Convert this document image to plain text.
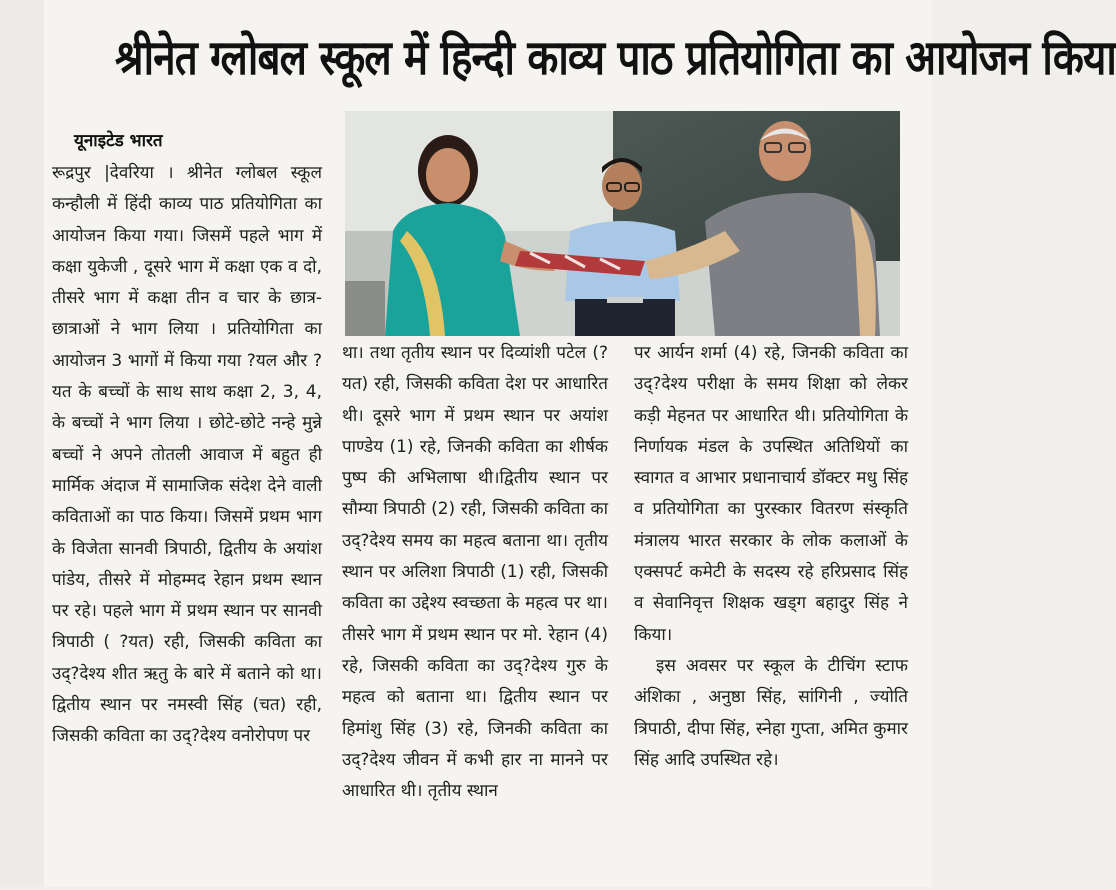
श्रीनेत ग्लोबल स्कूल में हिन्दी काव्य पाठ प्रतियोगिता का आयोजन किया
यूनाइटेड भारत

रूद्रपुर |देवरिया । श्रीनेत ग्लोबल स्कूल कन्हौली में हिंदी काव्य पाठ प्रतियोगिता का आयोजन किया गया। जिसमें पहले भाग में कक्षा युकेजी , दूसरे भाग में कक्षा एक व दो, तीसरे भाग में कक्षा तीन व चार के छात्र-छात्राओं ने भाग लिया । प्रतियोगिता का आयोजन 3 भागों में किया गया ?यल और ?यत के बच्चों के साथ साथ कक्षा 2, 3, 4, के बच्चों ने भाग लिया । छोटे-छोटे नन्हे मुन्ने बच्चों ने अपने तोतली आवाज में बहुत ही मार्मिक अंदाज में सामाजिक संदेश देने वाली कविताओं का पाठ किया। जिसमें प्रथम भाग के विजेता सानवी त्रिपाठी, द्वितीय के अयांश पांडेय, तीसरे में मोहम्मद रेहान प्रथम स्थान पर रहे। पहले भाग में प्रथम स्थान पर सानवी त्रिपाठी ( ?यत) रही, जिसकी कविता का उद्?देश्य शीत ऋतु के बारे में बताने को था।द्वितीय स्थान पर नमस्वी सिंह (चत) रही, जिसकी कविता का उद्?देश्य वनोरोपण पर

था। तथा तृतीय स्थान पर दिव्यांशी पटेल (?यत) रही, जिसकी कविता देश पर आधारित थी। दूसरे भाग में प्रथम स्थान पर अयांश पाण्डेय (1) रहे, जिनकी कविता का शीर्षक पुष्प की अभिलाषा थी।द्वितीय स्थान पर सौम्या त्रिपाठी (2) रही, जिसकी कविता का उद्?देश्य समय का महत्व बताना था। तृतीय स्थान पर अलिशा त्रिपाठी (1) रही, जिसकी कविता का उद्देश्य स्वच्छता के महत्व पर था। तीसरे भाग में प्रथम स्थान पर मो. रेहान (4) रहे, जिसकी कविता का उद्?देश्य गुरु के महत्व को बताना था। द्वितीय स्थान पर हिमांशु सिंह (3) रहे, जिनकी कविता का उद्?देश्य जीवन में कभी हार ना मानने पर आधारित थी। तृतीय स्थान

पर आर्यन शर्मा (4) रहे, जिनकी कविता का उद्?देश्य परीक्षा के समय शिक्षा को लेकर कड़ी मेहनत पर आधारित थी। प्रतियोगिता के निर्णायक मंडल के उपस्थित अतिथियों का स्वागत व आभार प्रधानाचार्य डॉक्टर मधु सिंह व प्रतियोगिता का पुरस्कार वितरण संस्कृति मंत्रालय भारत सरकार के लोक कलाओं के एक्सपर्ट कमेटी के सदस्य रहे हरिप्रसाद सिंह व सेवानिवृत्त शिक्षक खड्ग बहादुर सिंह ने किया।

इस अवसर पर स्कूल के टीचिंग स्टाफ अंशिका , अनुष्ठा सिंह, सांगिनी , ज्योति त्रिपाठी, दीपा सिंह, स्नेहा गुप्ता, अमित कुमार सिंह आदि उपस्थित रहे।
